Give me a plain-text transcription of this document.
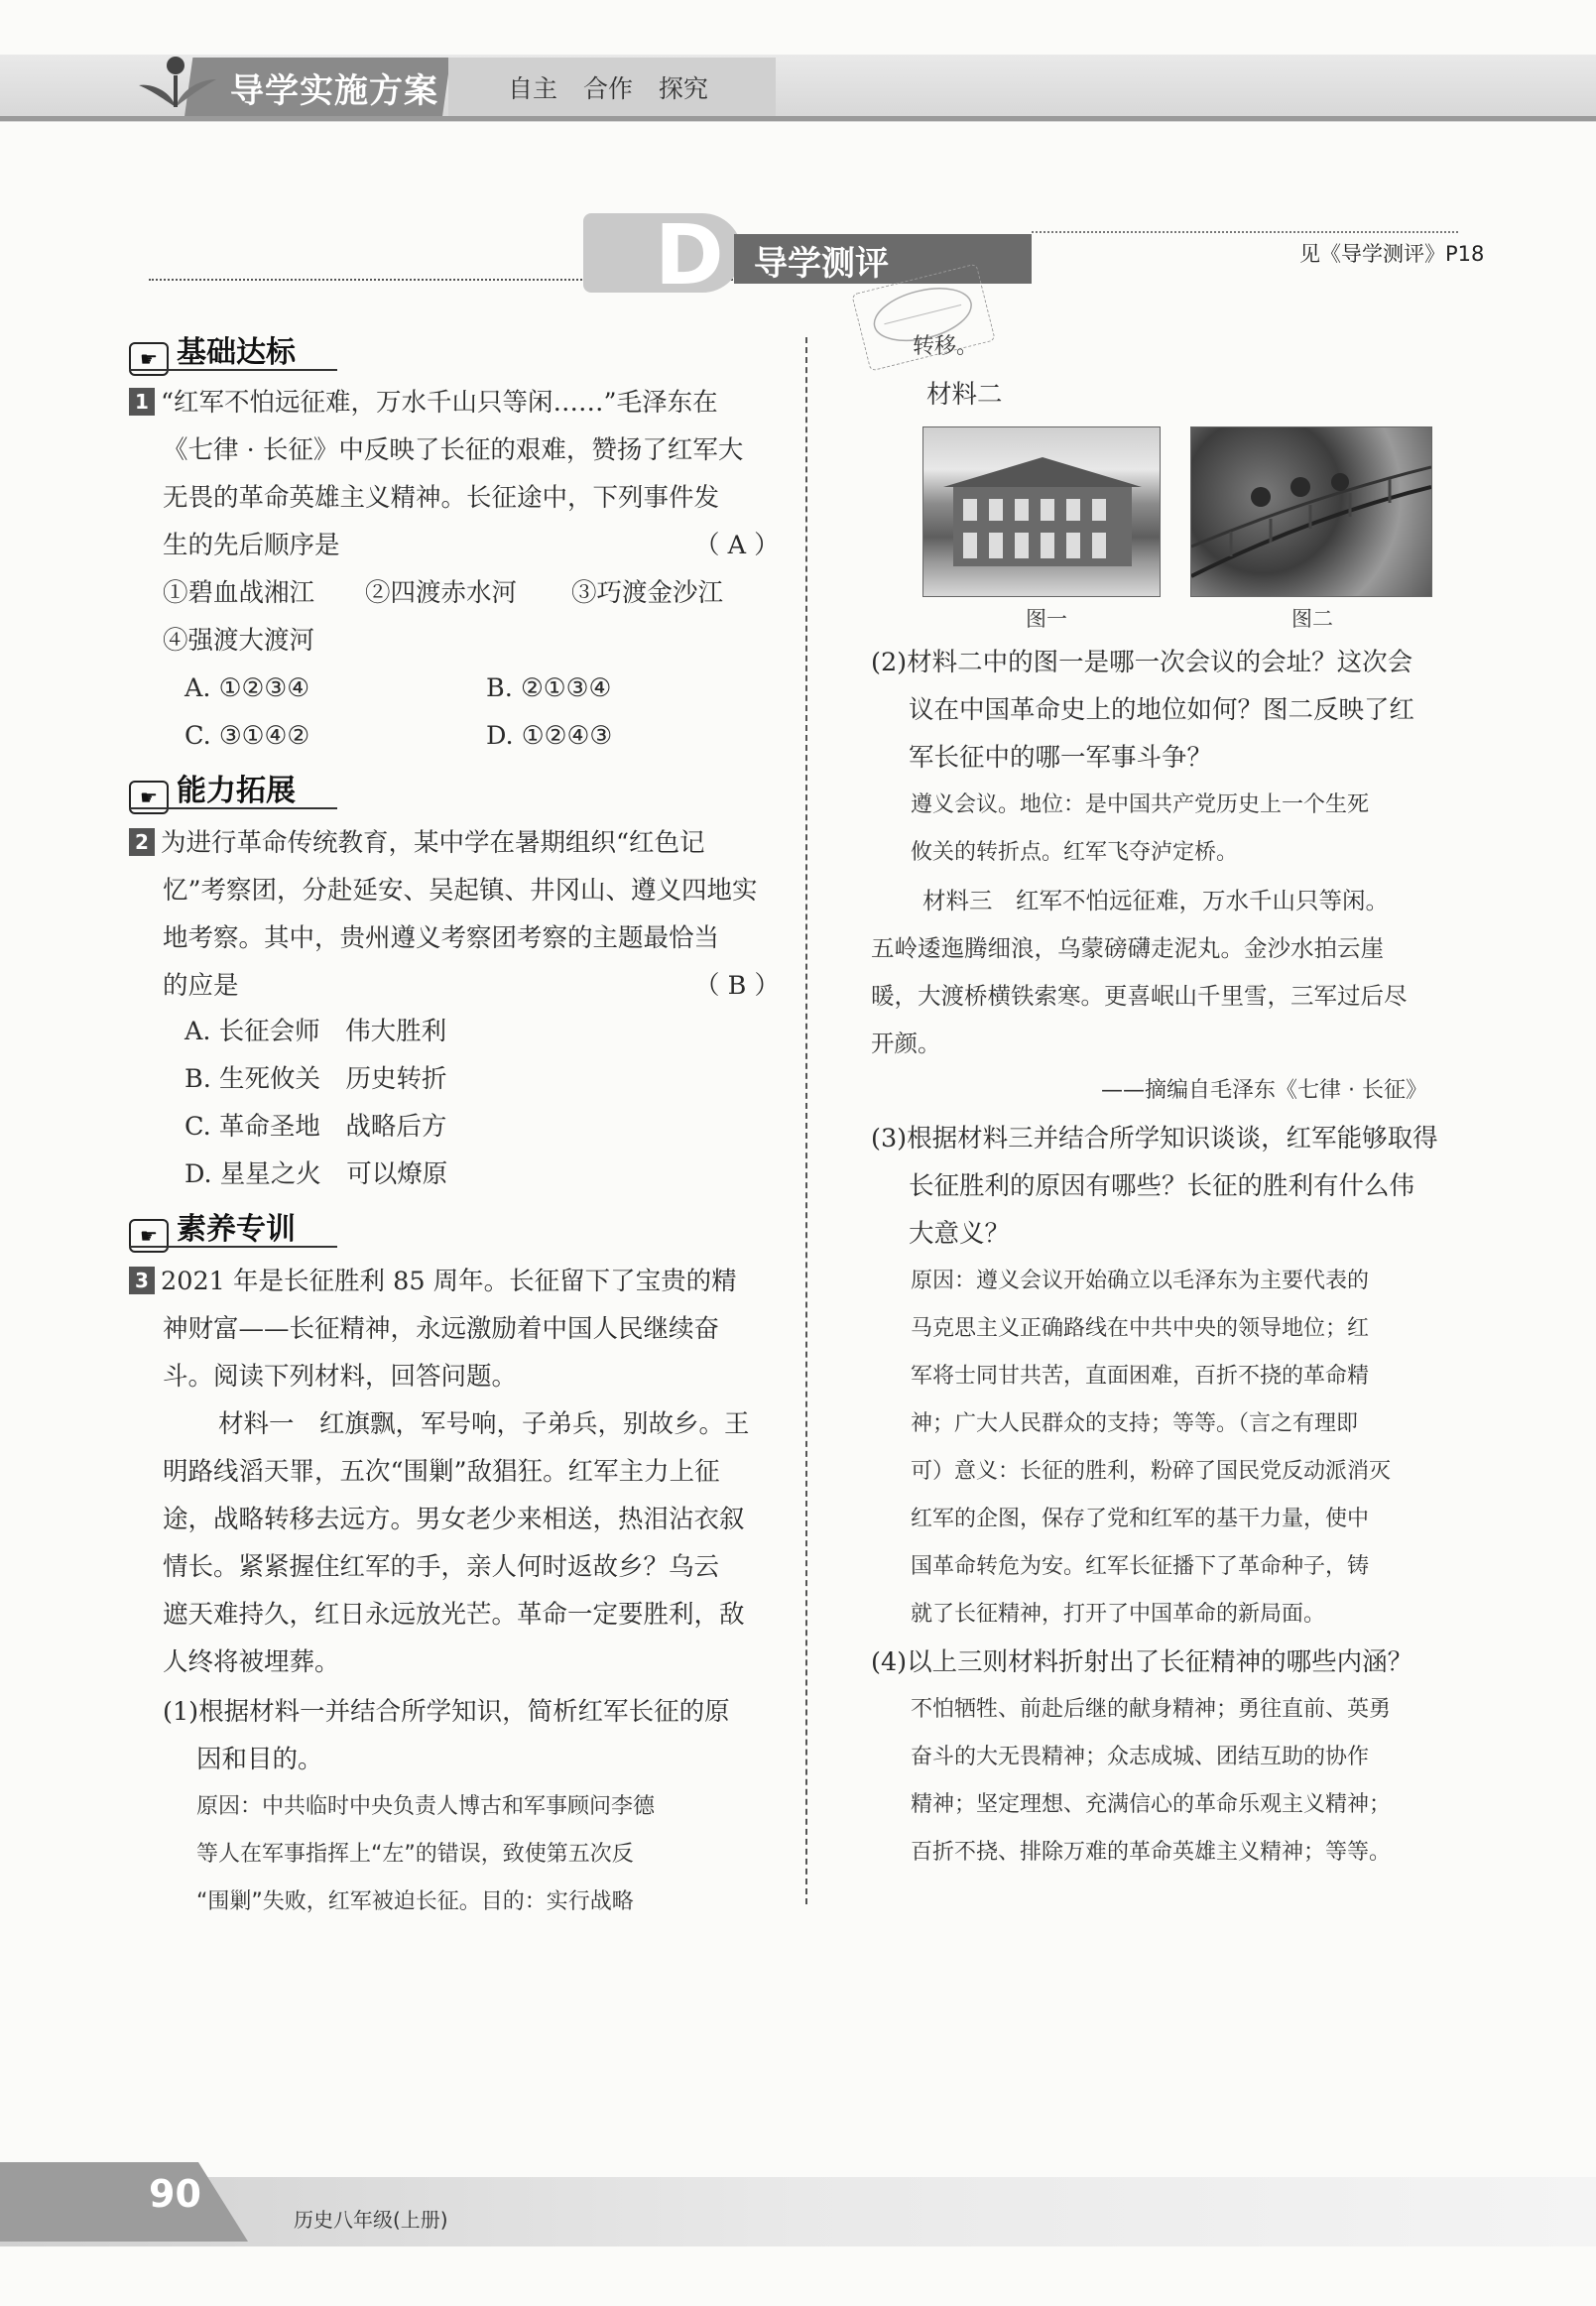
导学实施方案	自主 合作 探究
D 导学测评	见《导学测评》P18
☛ 基础达标
1 “红军不怕远征难，万水千山只等闲……”毛泽东在
《七律 · 长征》中反映了长征的艰难，赞扬了红军大
无畏的革命英雄主义精神。长征途中，下列事件发
生的先后顺序是	（ A ）
①碧血战湘江 ②四渡赤水河 ③巧渡金沙江
④强渡大渡河
A. ①②③④	B. ②①③④
C. ③①④②	D. ①②④③
☛ 能力拓展
2 为进行革命传统教育，某中学在暑期组织“红色记
忆”考察团，分赴延安、吴起镇、井冈山、遵义四地实
地考察。其中，贵州遵义考察团考察的主题最恰当
的应是	（ B ）
A. 长征会师　伟大胜利
B. 生死攸关　历史转折
C. 革命圣地　战略后方
D. 星星之火　可以燎原
☛ 素养专训
3 2021 年是长征胜利 85 周年。长征留下了宝贵的精
神财富——长征精神，永远激励着中国人民继续奋
斗。阅读下列材料，回答问题。
材料一　红旗飘，军号响，子弟兵，别故乡。王
明路线滔天罪，五次“围剿”敌猖狂。红军主力上征
途，战略转移去远方。男女老少来相送，热泪沾衣叙
情长。紧紧握住红军的手，亲人何时返故乡？乌云
遮天难持久，红日永远放光芒。革命一定要胜利，敌
人终将被埋葬。
(1)根据材料一并结合所学知识，简析红军长征的原
因和目的。
原因：中共临时中央负责人博古和军事顾问李德
等人在军事指挥上“左”的错误，致使第五次反
“围剿”失败，红军被迫长征。目的：实行战略
转移。
材料二
图一	图二
(2)材料二中的图一是哪一次会议的会址？这次会
议在中国革命史上的地位如何？图二反映了红
军长征中的哪一军事斗争？
遵义会议。地位：是中国共产党历史上一个生死
攸关的转折点。红军飞夺泸定桥。
材料三　红军不怕远征难，万水千山只等闲。
五岭逶迤腾细浪，乌蒙磅礴走泥丸。金沙水拍云崖
暖，大渡桥横铁索寒。更喜岷山千里雪，三军过后尽
开颜。
——摘编自毛泽东《七律 · 长征》
(3)根据材料三并结合所学知识谈谈，红军能够取得
长征胜利的原因有哪些？长征的胜利有什么伟
大意义？
原因：遵义会议开始确立以毛泽东为主要代表的
马克思主义正确路线在中共中央的领导地位；红
军将士同甘共苦，直面困难，百折不挠的革命精
神；广大人民群众的支持；等等。（言之有理即
可）意义：长征的胜利，粉碎了国民党反动派消灭
红军的企图，保存了党和红军的基干力量，使中
国革命转危为安。红军长征播下了革命种子，铸
就了长征精神，打开了中国革命的新局面。
(4)以上三则材料折射出了长征精神的哪些内涵？
不怕牺牲、前赴后继的献身精神；勇往直前、英勇
奋斗的大无畏精神；众志成城、团结互助的协作
精神；坚定理想、充满信心的革命乐观主义精神；
百折不挠、排除万难的革命英雄主义精神；等等。
90
历史八年级(上册)
